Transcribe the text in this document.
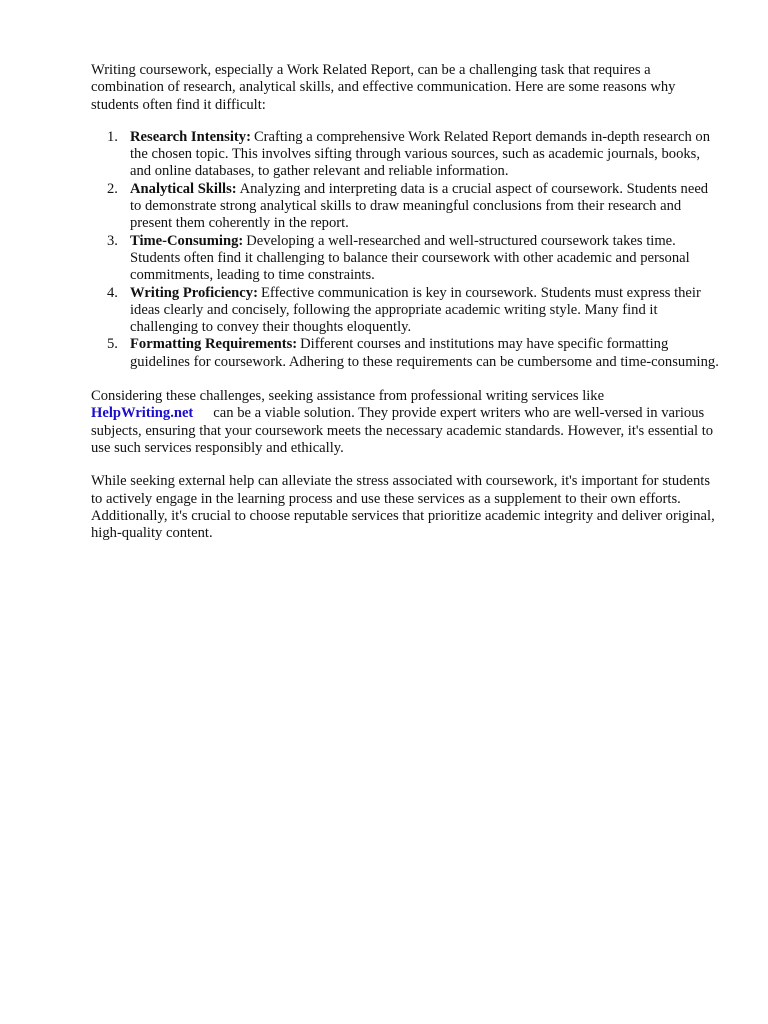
Writing coursework, especially a Work Related Report, can be a challenging task that requires a combination of research, analytical skills, and effective communication. Here are some reasons why students often find it difficult:

1. Research Intensity: Crafting a comprehensive Work Related Report demands in-depth research on the chosen topic. This involves sifting through various sources, such as academic journals, books, and online databases, to gather relevant and reliable information.
2. Analytical Skills: Analyzing and interpreting data is a crucial aspect of coursework. Students need to demonstrate strong analytical skills to draw meaningful conclusions from their research and present them coherently in the report.
3. Time-Consuming: Developing a well-researched and well-structured coursework takes time. Students often find it challenging to balance their coursework with other academic and personal commitments, leading to time constraints.
4. Writing Proficiency: Effective communication is key in coursework. Students must express their ideas clearly and concisely, following the appropriate academic writing style. Many find it challenging to convey their thoughts eloquently.
5. Formatting Requirements: Different courses and institutions may have specific formatting guidelines for coursework. Adhering to these requirements can be cumbersome and time-consuming.

Considering these challenges, seeking assistance from professional writing services like
HelpWriting.net can be a viable solution. They provide expert writers who are well-versed in various subjects, ensuring that your coursework meets the necessary academic standards. However, it's essential to use such services responsibly and ethically.

While seeking external help can alleviate the stress associated with coursework, it's important for students to actively engage in the learning process and use these services as a supplement to their own efforts. Additionally, it's crucial to choose reputable services that prioritize academic integrity and deliver original, high-quality content.
